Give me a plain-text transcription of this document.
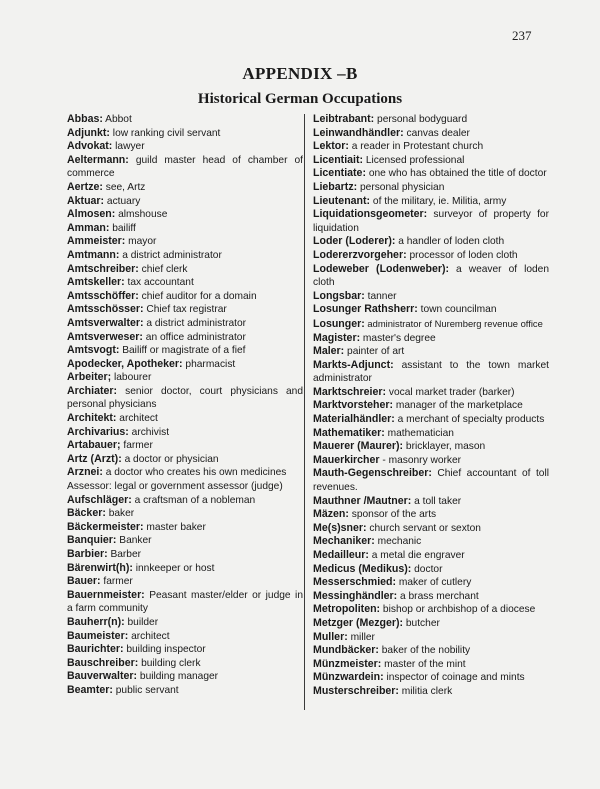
237
APPENDIX –B
Historical German Occupations

Abbas: Abbot

Adjunkt: low ranking civil servant

Advokat: lawyer

Aeltermann: guild master head of chamber of commerce

Aertze: see, Artz

Aktuar: actuary

Almosen: almshouse

Amman: bailiff

Ammeister: mayor

Amtmann: a district administrator

Amtschreiber: chief clerk

Amtskeller: tax accountant

Amtsschöffer: chief auditor for a domain

Amtsschösser: Chief tax registrar

Amtsverwalter: a district administrator

Amtsverweser: an office administrator

Amtsvogt: Bailiff or magistrate of a fief

Apodecker, Apotheker: pharmacist

Arbeiter; labourer

Archiater: senior doctor, court physicians and personal physicians

Architekt: architect

Archivarius: archivist

Artabauer; farmer

Artz (Arzt): a doctor or physician

Arznei: a doctor who creates his own medicines

Assessor: legal or government assessor (judge)

Aufschläger: a craftsman of a nobleman

Bäcker: baker

Bäckermeister: master baker

Banquier: Banker

Barbier: Barber

Bärenwirt(h): innkeeper or host

Bauer: farmer

Bauernmeister: Peasant master/elder or judge in a farm community

Bauherr(n): builder

Baumeister: architect

Baurichter: building inspector

Bauschreiber: building clerk

Bauverwalter: building manager

Beamter: public servant

Leibtrabant: personal bodyguard

Leinwandhändler: canvas dealer

Lektor: a reader in Protestant church

Licentiait: Licensed professional

Licentiate: one who has obtained the title of doctor

Liebartz: personal physician

Lieutenant: of the military, ie. Militia, army

Liquidationsgeometer: surveyor of property for liquidation

Loder (Loderer): a handler of loden cloth

Lodererzvorgeher: processor of loden cloth

Lodeweber (Lodenweber): a weaver of loden cloth

Longsbar: tanner

Losunger Rathsherr: town councilman

Losunger: administrator of Nuremberg revenue office

Magister: master's degree

Maler: painter of art

Markts-Adjunct: assistant to the town market administrator

Marktschreier: vocal market trader (barker)

Marktvorsteher: manager of the marketplace

Materialhändler: a merchant of specialty products

Mathematiker: mathematician

Mauerer (Maurer): bricklayer, mason

Mauerkircher - masonry worker

Mauth-Gegenschreiber: Chief accountant of toll revenues.

Mauthner /Mautner: a toll taker

Mäzen: sponsor of the arts

Me(s)sner: church servant or sexton

Mechaniker: mechanic

Medailleur: a metal die engraver

Medicus (Medikus): doctor

Messerschmied: maker of cutlery

Messinghändler: a brass merchant

Metropoliten: bishop or archbishop of a diocese

Metzger (Mezger): butcher

Muller: miller

Mundbäcker: baker of the nobility

Münzmeister: master of the mint

Münzwardein: inspector of coinage and mints

Musterschreiber: militia clerk
